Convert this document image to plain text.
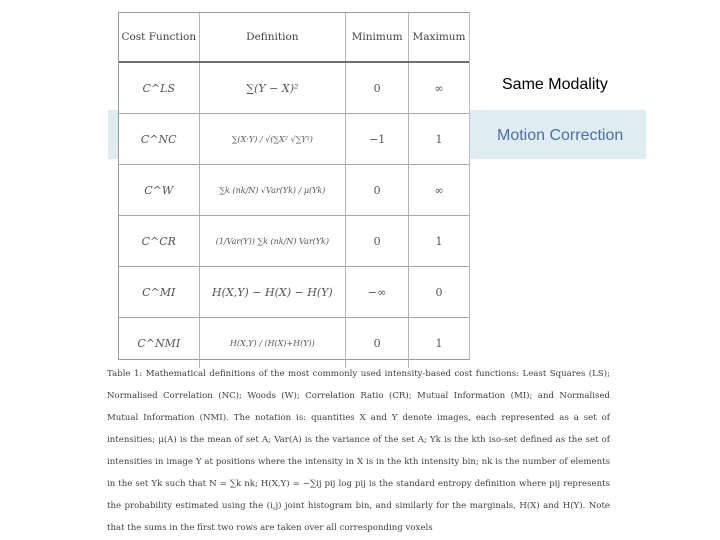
Cost Function	Definition	Minimum	Maximum
C^LS	∑(Y − X)²	0	∞
C^NC	∑(X·Y) / √(∑X² √∑Y²)	−1	1
C^W	∑k (nk/N) √Var(Yk) / μ(Yk)	0	∞
C^CR	(1/Var(Y)) ∑k (nk/N) Var(Yk)	0	1
C^MI	H(X,Y) − H(X) − H(Y)	−∞	0
C^NMI	H(X,Y) / (H(X)+H(Y))	0	1
Same Modality
Motion Correction
Table 1: Mathematical definitions of the most commonly used intensity-based cost functions: Least Squares (LS); Normalised Correlation (NC); Woods (W); Correlation Ratio (CR); Mutual Information (MI); and Normalised Mutual Information (NMI). The notation is: quantities X and Y denote images, each represented as a set of intensities; μ(A) is the mean of set A; Var(A) is the variance of the set A; Yk is the kth iso-set defined as the set of intensities in image Y at positions where the intensity in X is in the kth intensity bin; nk is the number of elements in the set Yk such that N = ∑k nk; H(X,Y) = −∑ij pij log pij is the standard entropy definition where pij represents the probability estimated using the (i,j) joint histogram bin, and similarly for the marginals, H(X) and H(Y). Note that the sums in the first two rows are taken over all corresponding voxels
